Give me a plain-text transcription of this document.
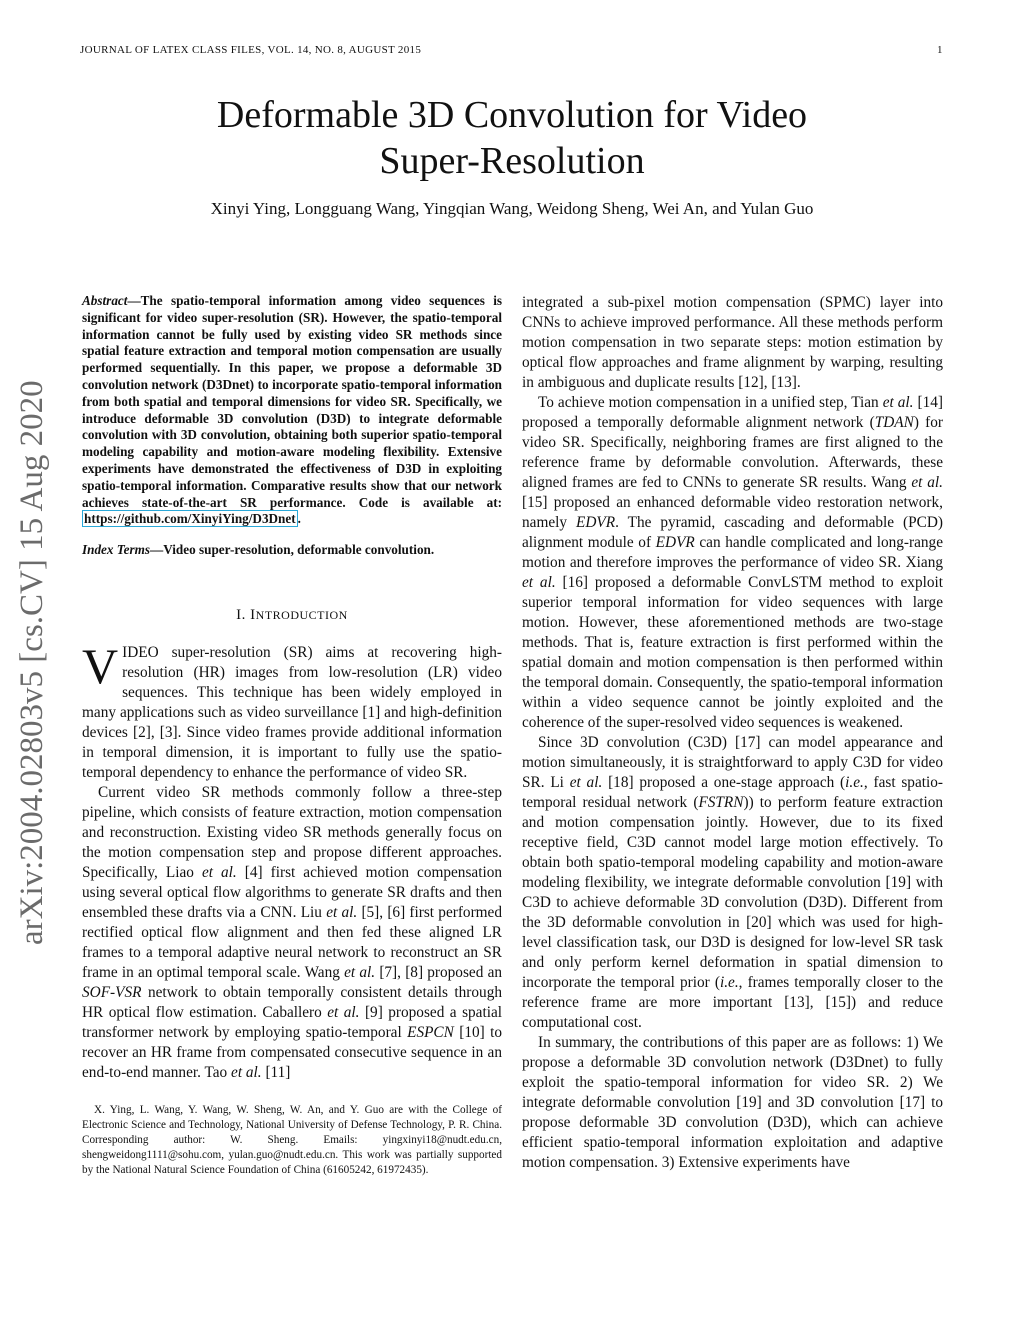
JOURNAL OF LATEX CLASS FILES, VOL. 14, NO. 8, AUGUST 2015	1
Deformable 3D Convolution for Video
Super-Resolution
Xinyi Ying, Longguang Wang, Yingqian Wang, Weidong Sheng, Wei An, and Yulan Guo
arXiv:2004.02803v5 [cs.CV] 15 Aug 2020

Abstract—The spatio-temporal information among video sequences is significant for video super-resolution (SR). However, the spatio-temporal information cannot be fully used by existing video SR methods since spatial feature extraction and temporal motion compensation are usually performed sequentially. In this paper, we propose a deformable 3D convolution network (D3Dnet) to incorporate spatio-temporal information from both spatial and temporal dimensions for video SR. Specifically, we introduce deformable 3D convolution (D3D) to integrate deformable convolution with 3D convolution, obtaining both superior spatio-temporal modeling capability and motion-aware modeling flexibility. Extensive experiments have demonstrated the effectiveness of D3D in exploiting spatio-temporal information. Comparative results show that our network achieves state-of-the-art SR performance. Code is available at: https://github.com/XinyiYing/D3Dnet .

Index Terms—Video super-resolution, deformable convolution.

I. INTRODUCTION

VIDEO super-resolution (SR) aims at recovering high-resolution (HR) images from low-resolution (LR) video sequences. This technique has been widely employed in many applications such as video surveillance [1] and high-definition devices [2], [3]. Since video frames provide additional information in temporal dimension, it is important to fully use the spatio-temporal dependency to enhance the performance of video SR.

Current video SR methods commonly follow a three-step pipeline, which consists of feature extraction, motion compensation and reconstruction. Existing video SR methods generally focus on the motion compensation step and propose different approaches. Specifically, Liao et al. [4] first achieved motion compensation using several optical flow algorithms to generate SR drafts and then ensembled these drafts via a CNN. Liu et al. [5], [6] first performed rectified optical flow alignment and then fed these aligned LR frames to a temporal adaptive neural network to reconstruct an SR frame in an optimal temporal scale. Wang et al. [7], [8] proposed an SOF-VSR network to obtain temporally consistent details through HR optical flow estimation. Caballero et al. [9] proposed a spatial transformer network by employing spatio-temporal ESPCN [10] to recover an HR frame from compensated consecutive sequence in an end-to-end manner. Tao et al. [11]

X. Ying, L. Wang, Y. Wang, W. Sheng, W. An, and Y. Guo are with the College of Electronic Science and Technology, National University of Defense Technology, P. R. China. Corresponding author: W. Sheng. Emails: yingxinyi18@nudt.edu.cn, shengweidong1111@sohu.com, yulan.guo@nudt.edu.cn. This work was partially supported by the National Natural Science Foundation of China (61605242, 61972435).

integrated a sub-pixel motion compensation (SPMC) layer into CNNs to achieve improved performance. All these methods perform motion compensation in two separate steps: motion estimation by optical flow approaches and frame alignment by warping, resulting in ambiguous and duplicate results [12], [13].

To achieve motion compensation in a unified step, Tian et al. [14] proposed a temporally deformable alignment network (TDAN) for video SR. Specifically, neighboring frames are first aligned to the reference frame by deformable convolution. Afterwards, these aligned frames are fed to CNNs to generate SR results. Wang et al. [15] proposed an enhanced deformable video restoration network, namely EDVR. The pyramid, cascading and deformable (PCD) alignment module of EDVR can handle complicated and long-range motion and therefore improves the performance of video SR. Xiang et al. [16] proposed a deformable ConvLSTM method to exploit superior temporal information for video sequences with large motion. However, these aforementioned methods are two-stage methods. That is, feature extraction is first performed within the spatial domain and motion compensation is then performed within the temporal domain. Consequently, the spatio-temporal information within a video sequence cannot be jointly exploited and the coherence of the super-resolved video sequences is weakened.

Since 3D convolution (C3D) [17] can model appearance and motion simultaneously, it is straightforward to apply C3D for video SR. Li et al. [18] proposed a one-stage approach (i.e., fast spatio-temporal residual network (FSTRN)) to perform feature extraction and motion compensation jointly. However, due to its fixed receptive field, C3D cannot model large motion effectively. To obtain both spatio-temporal modeling capability and motion-aware modeling flexibility, we integrate deformable convolution [19] with C3D to achieve deformable 3D convolution (D3D). Different from the 3D deformable convolution in [20] which was used for high-level classification task, our D3D is designed for low-level SR task and only perform kernel deformation in spatial dimension to incorporate the temporal prior (i.e., frames temporally closer to the reference frame are more important [13], [15]) and reduce computational cost.

In summary, the contributions of this paper are as follows: 1) We propose a deformable 3D convolution network (D3Dnet) to fully exploit the spatio-temporal information for video SR. 2) We integrate deformable convolution [19] and 3D convolution [17] to propose deformable 3D convolution (D3D), which can achieve efficient spatio-temporal information exploitation and adaptive motion compensation. 3) Extensive experiments have
